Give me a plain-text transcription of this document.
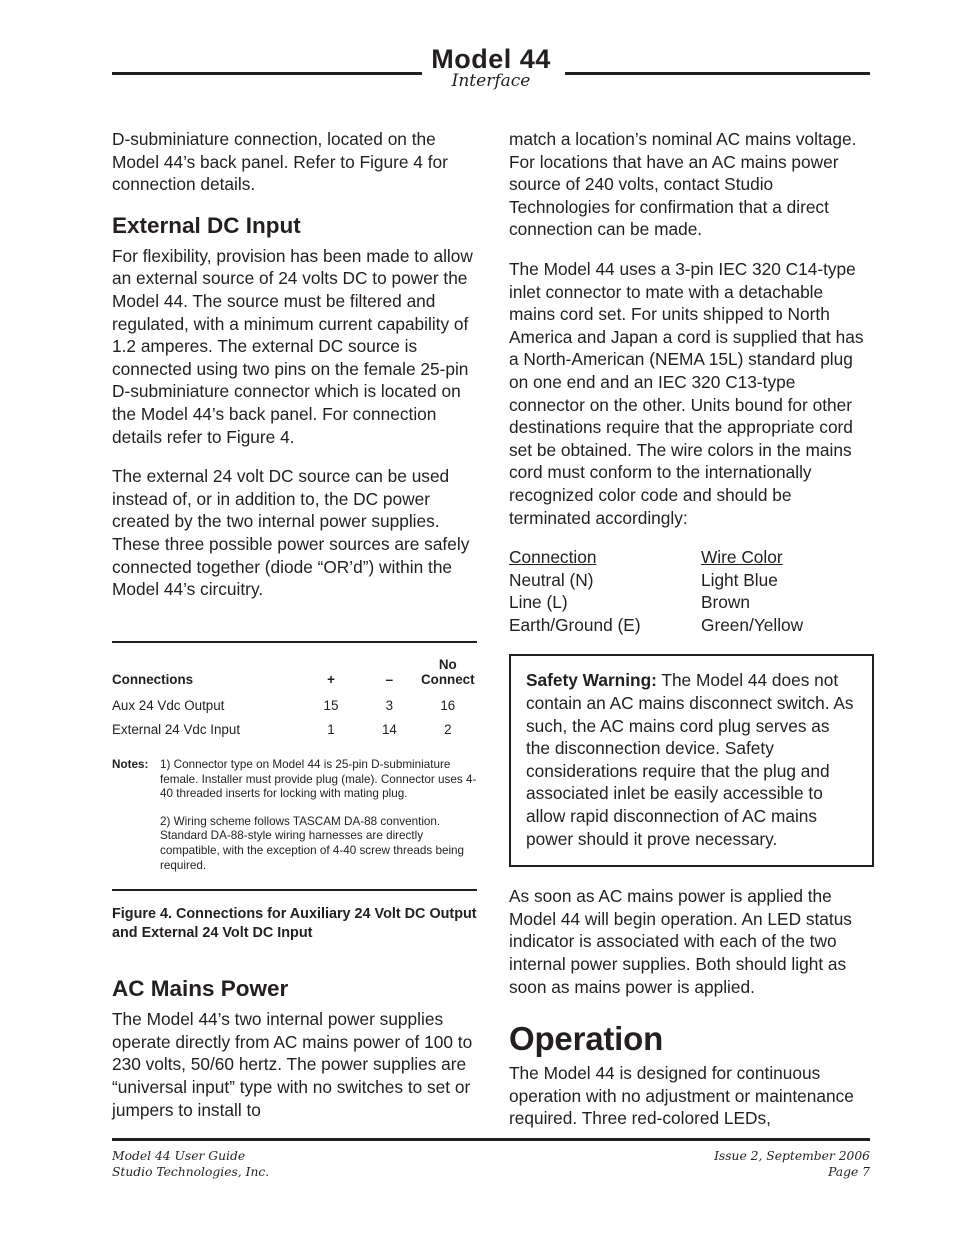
Model 44
Interface

D-subminiature connection, located on the Model 44’s back panel. Refer to Figure 4 for connection details.

External DC Input

For flexibility, provision has been made to allow an external source of 24 volts DC to power the Model 44. The source must be filtered and regulated, with a minimum current capability of 1.2 amperes. The external DC source is connected using two pins on the female 25-pin D-subminiature connector which is located on the Model 44’s back panel. For connection details refer to Figure 4.

The external 24 volt DC source can be used instead of, or in addition to, the DC power created by the two internal power supplies. These three possible power sources are safely connected together (diode “OR’d”) within the Model 44’s circuitry.

Connections	+	–	No
Connect
Aux 24 Vdc Output	15	3	16
External 24 Vdc Input	1	14	2
Notes: 1) Connector type on Model 44 is 25-pin D-subminiature female. Installer must provide plug (male). Connector uses 4-40 threaded inserts for locking with mating plug.

2) Wiring scheme follows TASCAM DA-88 convention. Standard DA-88-style wiring harnesses are directly compatible, with the exception of 4-40 screw threads being required.

Figure 4. Connections for Auxiliary 24 Volt DC Output and External 24 Volt DC Input
AC Mains Power

The Model 44’s two internal power supplies operate directly from AC mains power of 100 to 230 volts, 50/60 hertz. The power supplies are “universal input” type with no switches to set or jumpers to install to

match a location’s nominal AC mains voltage. For locations that have an AC mains power source of 240 volts, contact Studio Technologies for confirmation that a direct connection can be made.

The Model 44 uses a 3-pin IEC 320 C14-type inlet connector to mate with a detachable mains cord set. For units shipped to North America and Japan a cord is supplied that has a North-American (NEMA 15L) standard plug on one end and an IEC 320 C13-type connector on the other. Units bound for other destinations require that the appropriate cord set be obtained. The wire colors in the mains cord must conform to the internationally recognized color code and should be terminated accordingly:

Connection	Wire Color
Neutral (N)	Light Blue
Line (L)	Brown
Earth/Ground (E)	Green/Yellow

Safety Warning: The Model 44 does not contain an AC mains disconnect switch. As such, the AC mains cord plug serves as the disconnection device. Safety considerations require that the plug and associated inlet be easily accessible to allow rapid disconnection of AC mains power should it prove necessary.

As soon as AC mains power is applied the Model 44 will begin operation. An LED status indicator is associated with each of the two internal power supplies. Both should light as soon as mains power is applied.

Operation

The Model 44 is designed for continuous operation with no adjustment or maintenance required. Three red-colored LEDs,

Model 44 User Guide
Studio Technologies, Inc.
Issue 2, September 2006
Page 7
